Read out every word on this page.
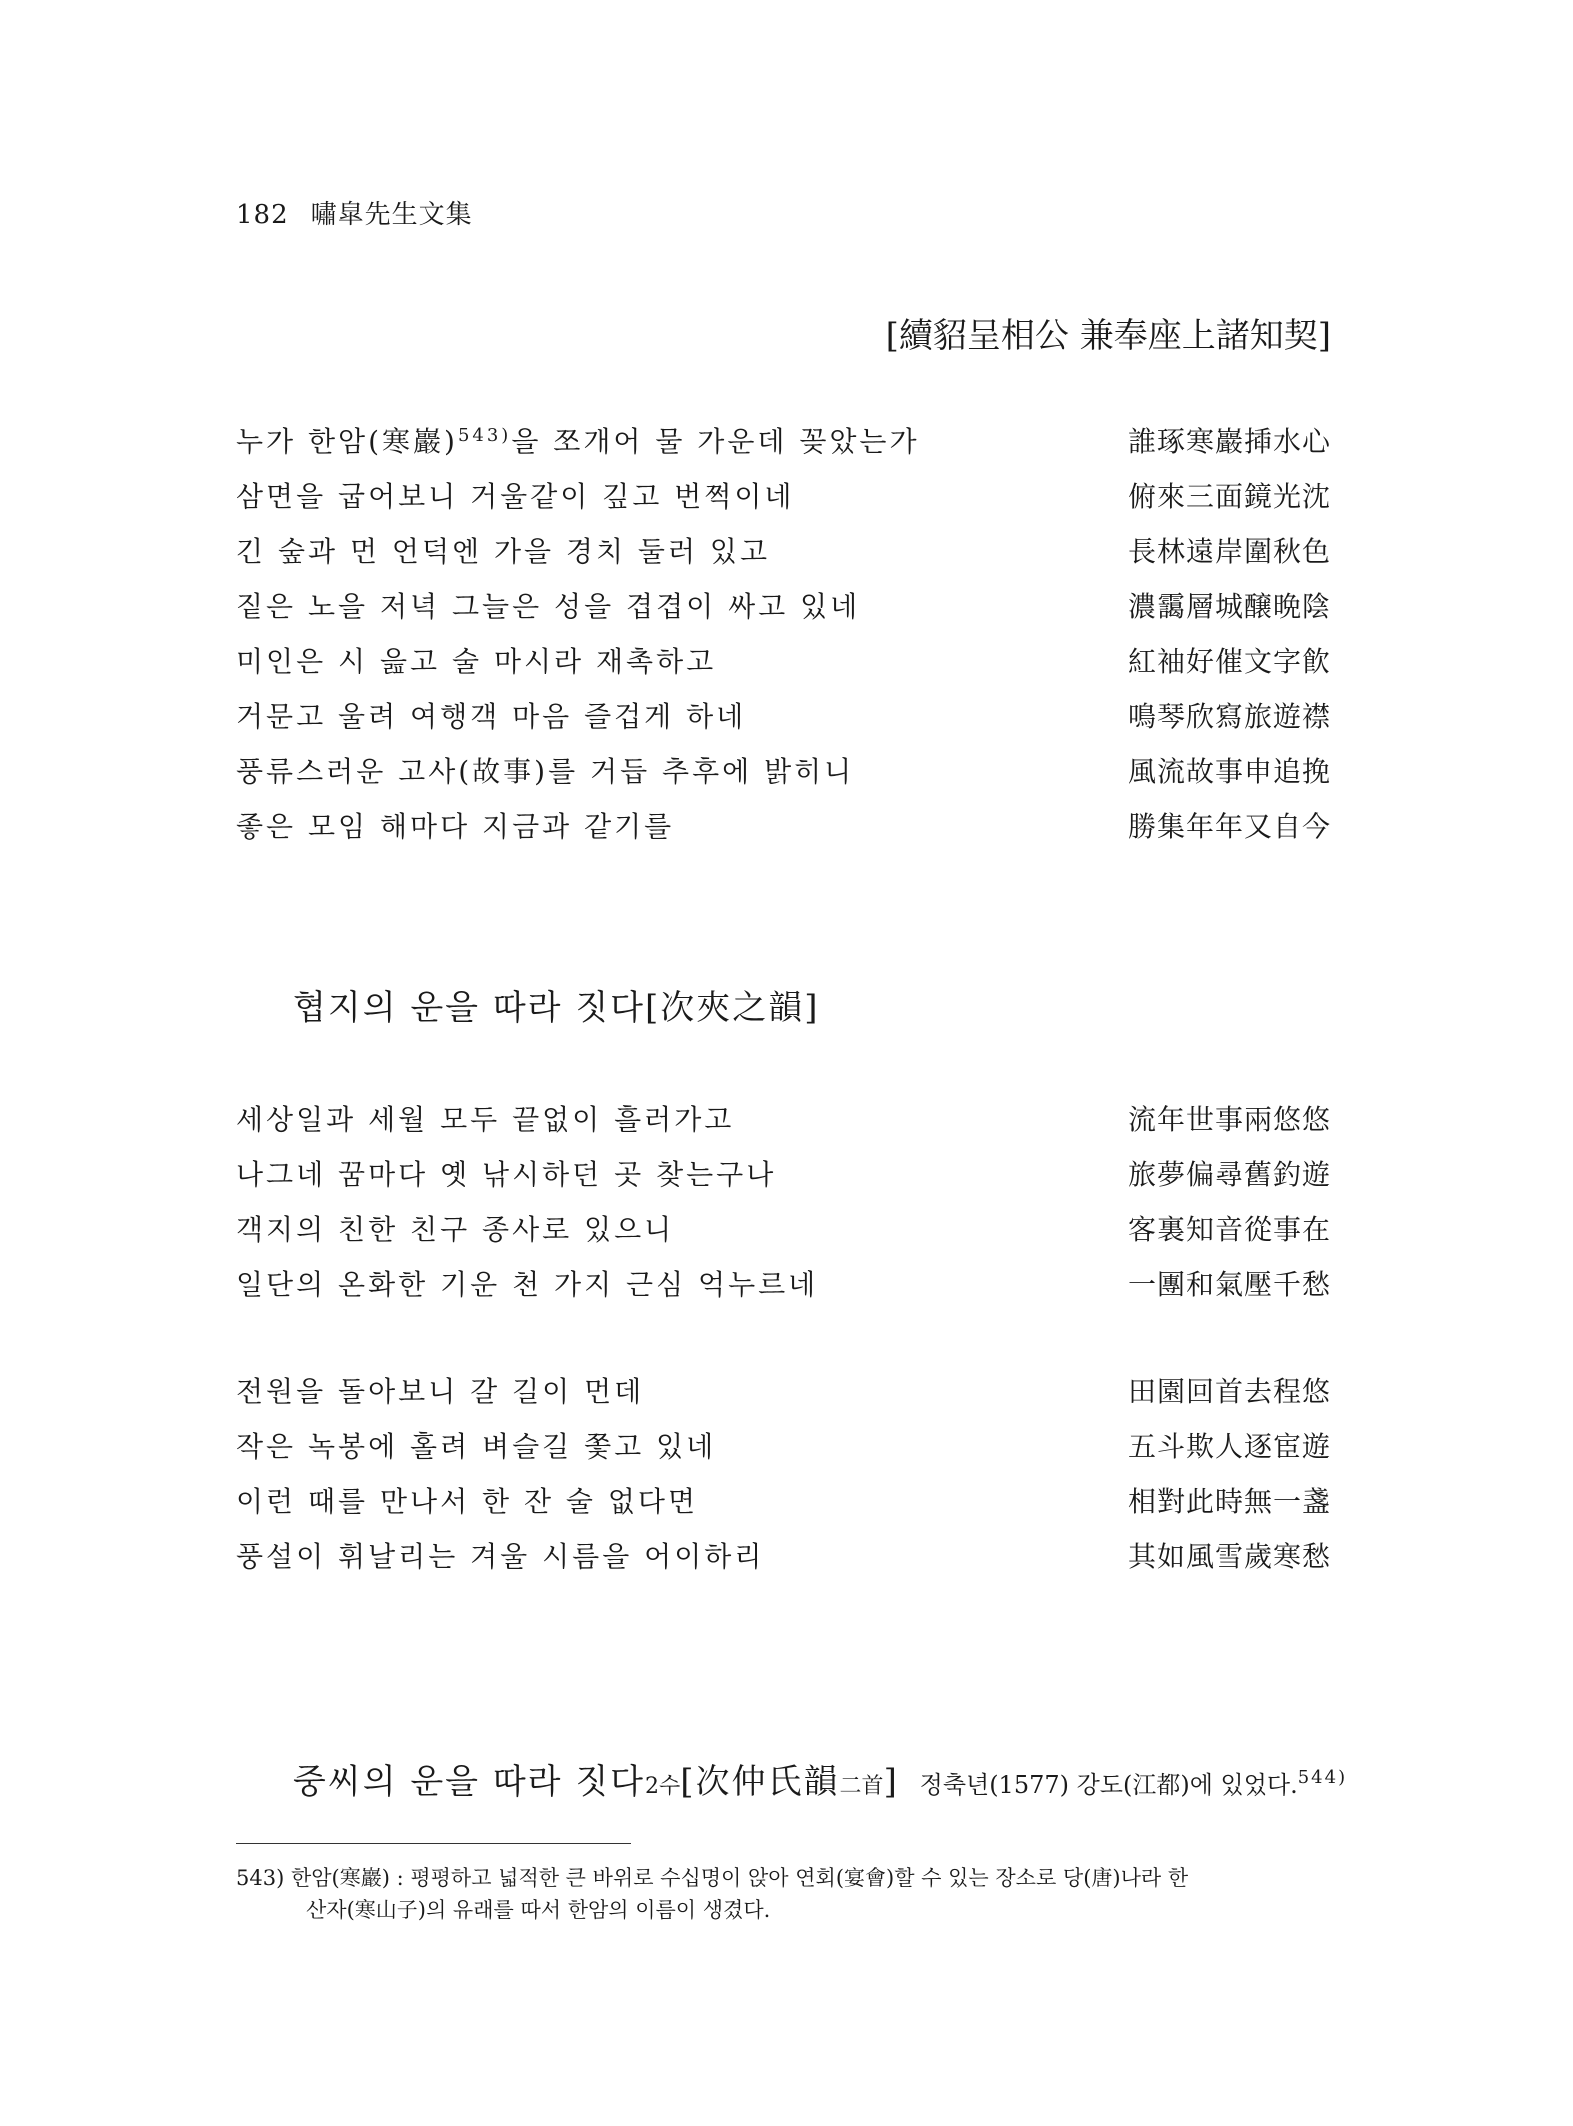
182 嘯皐先生文集
[續貂呈相公 兼奉座上諸知契]
누가 한암(寒巖)$^{543)}$을 쪼개어 물 가운데 꽂았는가	誰琢寒巖揷水心
삼면을 굽어보니 거울같이 깊고 번쩍이네	俯來三面鏡光沈
긴 숲과 먼 언덕엔 가을 경치 둘러 있고	長林遠岸圍秋色
짙은 노을 저녁 그늘은 성을 겹겹이 싸고 있네	濃靄層城醸晩陰
미인은 시 읊고 술 마시라 재촉하고	紅袖好催文字飮
거문고 울려 여행객 마음 즐겁게 하네	鳴琴欣寫旅遊襟
풍류스러운 고사(故事)를 거듭 추후에 밝히니	風流故事申追挽
좋은 모임 해마다 지금과 같기를	勝集年年又自今
협지의 운을 따라 짓다[次夾之韻]
세상일과 세월 모두 끝없이 흘러가고	流年世事兩悠悠
나그네 꿈마다 옛 낚시하던 곳 찾는구나	旅夢偏尋舊釣遊
객지의 친한 친구 종사로 있으니	客裏知音從事在
일단의 온화한 기운 천 가지 근심 억누르네	一團和氣壓千愁
전원을 돌아보니 갈 길이 먼데	田園回首去程悠
작은 녹봉에 홀려 벼슬길 쫓고 있네	五斗欺人逐宦遊
이런 때를 만나서 한 잔 술 없다면	相對此時無一盞
풍설이 휘날리는 겨울 시름을 어이하리	其如風雪歲寒愁
중씨의 운을 따라 짓다2수[次仲氏韻二首] 정축년(1577) 강도(江都)에 있었다.$^{544)}$
543) 한암(寒巖) : 평평하고 넓적한 큰 바위로 수십명이 앉아 연회(宴會)할 수 있는 장소로 당(唐)나라 한
산자(寒山子)의 유래를 따서 한암의 이름이 생겼다.
